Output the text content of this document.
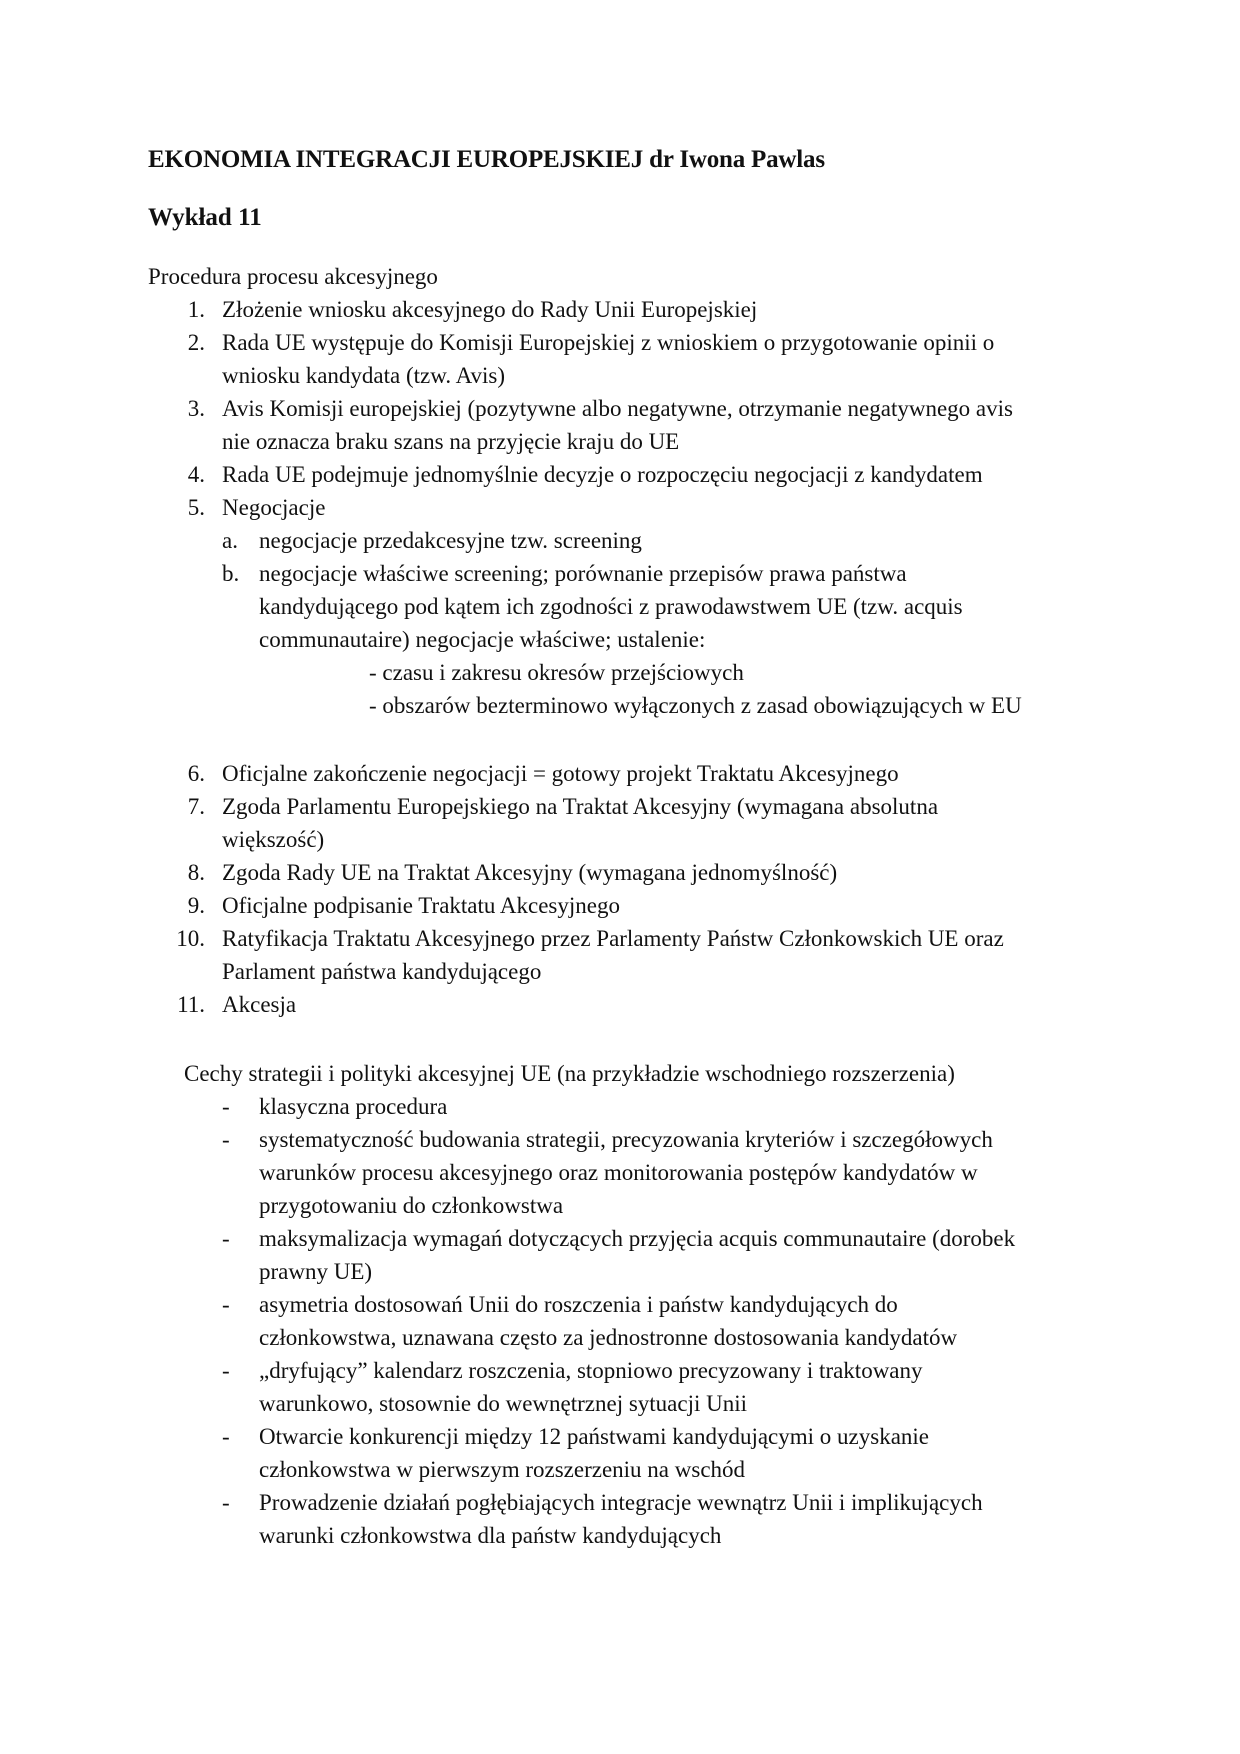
EKONOMIA INTEGRACJI EUROPEJSKIEJ dr Iwona Pawlas
Wykład 11
Procedura procesu akcesyjnego
1. Złożenie wniosku akcesyjnego do Rady Unii Europejskiej
2. Rada UE występuje do Komisji Europejskiej z wnioskiem o przygotowanie opinii o
wniosku kandydata (tzw. Avis)
3. Avis Komisji europejskiej (pozytywne albo negatywne, otrzymanie negatywnego avis
nie oznacza braku szans na przyjęcie kraju do UE
4. Rada UE podejmuje jednomyślnie decyzje o rozpoczęciu negocjacji z kandydatem
5. Negocjacje
a. negocjacje przedakcesyjne tzw. screening
b. negocjacje właściwe screening; porównanie przepisów prawa państwa
kandydującego pod kątem ich zgodności z prawodawstwem UE (tzw. acquis
communautaire) negocjacje właściwe; ustalenie:
- czasu i zakresu okresów przejściowych
- obszarów bezterminowo wyłączonych z zasad obowiązujących w EU
6. Oficjalne zakończenie negocjacji = gotowy projekt Traktatu Akcesyjnego
7. Zgoda Parlamentu Europejskiego na Traktat Akcesyjny (wymagana absolutna
większość)
8. Zgoda Rady UE na Traktat Akcesyjny (wymagana jednomyślność)
9. Oficjalne podpisanie Traktatu Akcesyjnego
10. Ratyfikacja Traktatu Akcesyjnego przez Parlamenty Państw Członkowskich UE oraz
Parlament państwa kandydującego
11. Akcesja
Cechy strategii i polityki akcesyjnej UE (na przykładzie wschodniego rozszerzenia)
- klasyczna procedura
- systematyczność budowania strategii, precyzowania kryteriów i szczegółowych
warunków procesu akcesyjnego oraz monitorowania postępów kandydatów w
przygotowaniu do członkowstwa
- maksymalizacja wymagań dotyczących przyjęcia acquis communautaire (dorobek
prawny UE)
- asymetria dostosowań Unii do roszczenia i państw kandydujących do
członkowstwa, uznawana często za jednostronne dostosowania kandydatów
- „dryfujący” kalendarz roszczenia, stopniowo precyzowany i traktowany
warunkowo, stosownie do wewnętrznej sytuacji Unii
- Otwarcie konkurencji między 12 państwami kandydującymi o uzyskanie
członkowstwa w pierwszym rozszerzeniu na wschód
- Prowadzenie działań pogłębiających integracje wewnątrz Unii i implikujących
warunki członkowstwa dla państw kandydujących
